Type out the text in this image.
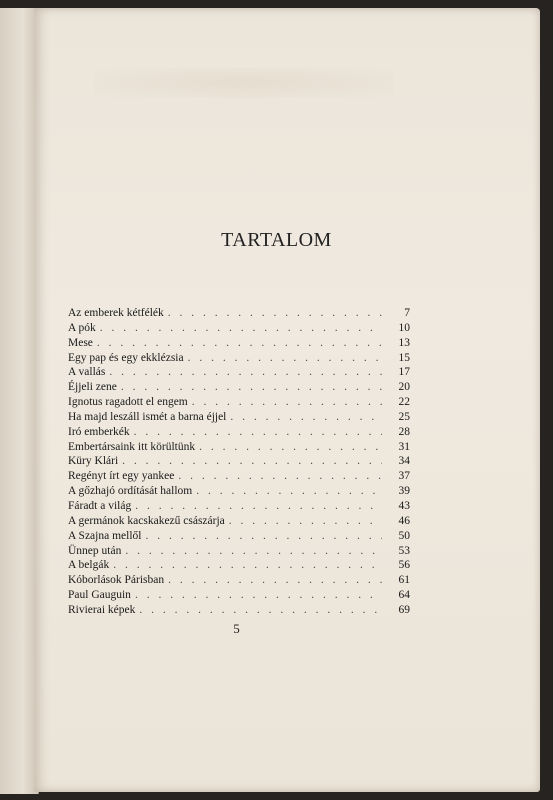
TARTALOM
Az emberek kétfélék . . .	7
A pók . . .	10
Mese . . .	13
Egy pap és egy ekklézsia . . .	15
A vallás . . .	17
Éjjeli zene . . .	20
Ignotus ragadott el engem . . .	22
Ha majd leszáll ismét a barna éjjel . . .	25
Iró emberkék . . .	28
Embertársaink itt körültünk . . .	31
Küry Klári . . .	34
Regényt írt egy yankee . . .	37
A gőzhajó ordítását hallom . . .	39
Fáradt a világ . . .	43
A germánok kacskakezű császárja . . .	46
A Szajna mellől . . .	50
Ünnep után . . .	53
A belgák . . .	56
Kóborlások Párisban . . .	61
Paul Gauguin . . .	64
Rivierai képek . . .	69

5
